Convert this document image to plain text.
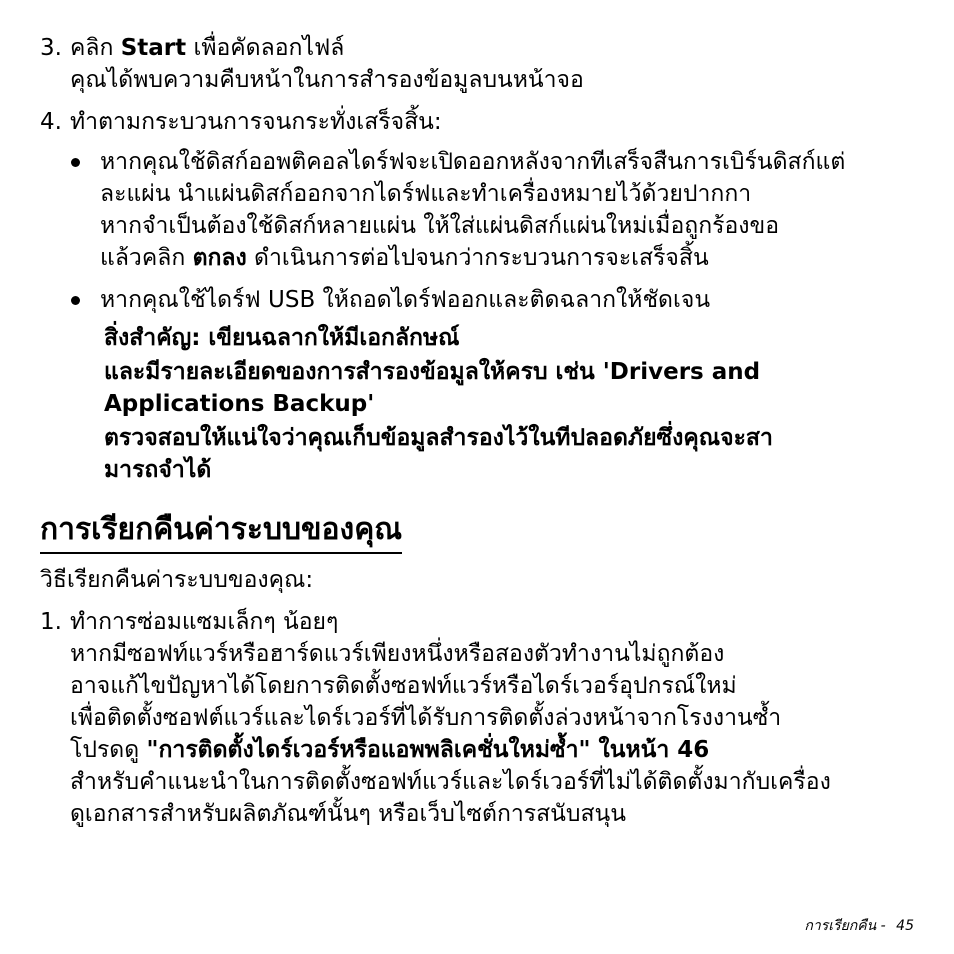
3. คลิก Start เพื่อคัดลอกไฟล์
คุณได้พบความคืบหน้าในการสำรองข้อมูลบนหน้าจอ
4. ทำตามกระบวนการจนกระทั่งเสร็จสิ้น:
หากคุณใช้ดิสก์ออพติคอลไดร์ฟจะเปิดออกหลังจากทีเสร็จสืนการเบิร์นดิสก์แต่
ละแผ่น นำแผ่นดิสก์ออกจากไดร์ฟและทำเครื่องหมายไว้ด้วยปากกา
หากจำเป็นต้องใช้ดิสก์หลายแผ่น ให้ใส่แผ่นดิสก์แผ่นใหม่เมื่อถูกร้องขอ
แล้วคลิก ตกลง ดำเนินการต่อไปจนกว่ากระบวนการจะเสร็จสิ้น
หากคุณใช้ไดร์ฟ USB ให้ถอดไดร์ฟออกและติดฉลากให้ชัดเจน
สิ่งสำคัญ: เขียนฉลากให้มีเอกลักษณ์
และมีรายละเอียดของการสำรองข้อมูลให้ครบ เช่น 'Drivers and
Applications Backup'
ตรวจสอบให้แน่ใจว่าคุณเก็บข้อมูลสำรองไว้ในทีปลอดภัยซึ่งคุณจะสา
มารถจำได้
การเรียกคืนค่าระบบของคุณ
วิธีเรียกคืนค่าระบบของคุณ:
1. ทำการซ่อมแซมเล็กๆ น้อยๆ
หากมีซอฟท์แวร์หรือฮาร์ดแวร์เพียงหนึ่งหรือสองตัวทำงานไม่ถูกต้อง
อาจแก้ไขปัญหาได้โดยการติดตั้งซอฟท์แวร์หรือไดร์เวอร์อุปกรณ์ใหม่
เพื่อติดตั้งซอฟต์แวร์และไดร์เวอร์ที่ได้รับการติดตั้งล่วงหน้าจากโรงงานซ้ำ
โปรดดู "การติดตั้งไดร์เวอร์หรือแอพพลิเคชั่นใหม่ซ้ำ" ในหน้า 46
สำหรับคำแนะนำในการติดตั้งซอฟท์แวร์และไดร์เวอร์ที่ไม่ได้ติดตั้งมากับเครื่อง
ดูเอกสารสำหรับผลิตภัณฑ์นั้นๆ หรือเว็บไซต์การสนับสนุน
การเรียกคืน - 45
